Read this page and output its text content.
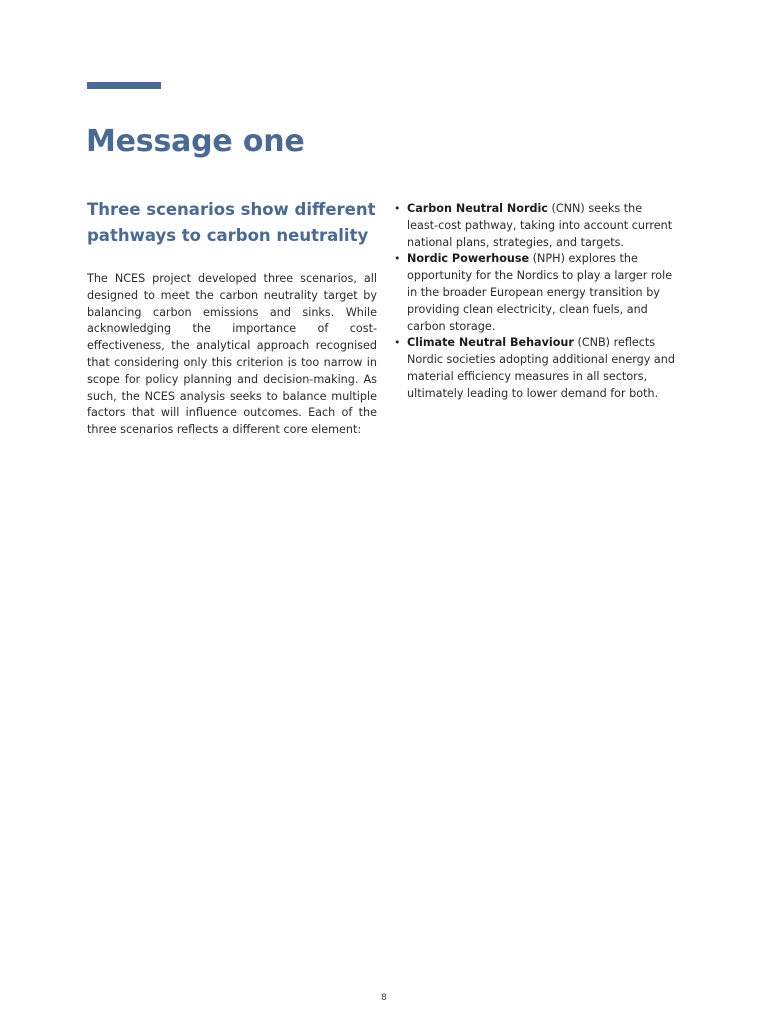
Message one
Three scenarios show different pathways to carbon neutrality

The NCES project developed three scenarios, all designed to meet the carbon neutrality target by balancing carbon emissions and sinks. While acknowledging the importance of cost-effectiveness, the analytical approach recognised that considering only this criterion is too narrow in scope for policy planning and decision-making. As such, the NCES analysis seeks to balance multiple factors that will influence outcomes. Each of the three scenarios reflects a different core element:

• Carbon Neutral Nordic (CNN) seeks the least-cost pathway, taking into account current national plans, strategies, and targets.
• Nordic Powerhouse (NPH) explores the opportunity for the Nordics to play a larger role in the broader European energy transition by providing clean electricity, clean fuels, and carbon storage.
• Climate Neutral Behaviour (CNB) reflects Nordic societies adopting additional energy and material efficiency measures in all sectors, ultimately leading to lower demand for both.
8
